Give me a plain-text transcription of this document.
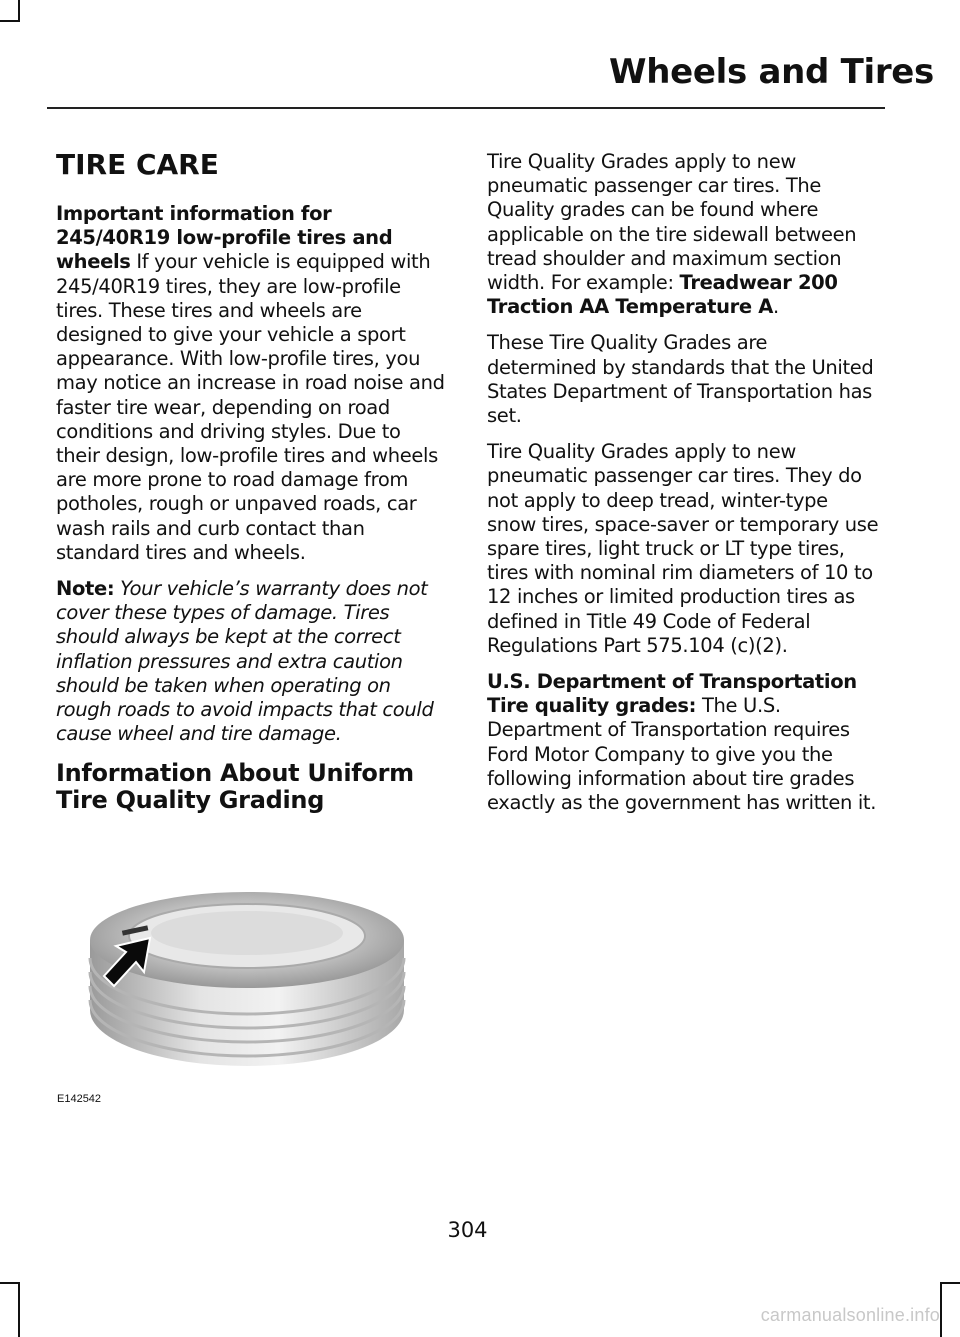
Wheels and Tires
TIRE CARE

Important information for 245/40R19 low-profile tires and wheels If your vehicle is equipped with 245/40R19 tires, they are low-profile tires. These tires and wheels are designed to give your vehicle a sport appearance. With low-profile tires, you may notice an increase in road noise and faster tire wear, depending on road conditions and driving styles. Due to their design, low-profile tires and wheels are more prone to road damage from potholes, rough or unpaved roads, car wash rails and curb contact than standard tires and wheels.

Note: Your vehicle’s warranty does not cover these types of damage. Tires should always be kept at the correct inflation pressures and extra caution should be taken when operating on rough roads to avoid impacts that could cause wheel and tire damage.

Information About Uniform Tire Quality Grading
E142542

Tire Quality Grades apply to new pneumatic passenger car tires. The Quality grades can be found where applicable on the tire sidewall between tread shoulder and maximum section width. For example: Treadwear 200 Traction AA Temperature A.

These Tire Quality Grades are determined by standards that the United States Department of Transportation has set.

Tire Quality Grades apply to new pneumatic passenger car tires. They do not apply to deep tread, winter-type snow tires, space-saver or temporary use spare tires, light truck or LT type tires, tires with nominal rim diameters of 10 to 12 inches or limited production tires as defined in Title 49 Code of Federal Regulations Part 575.104 (c)(2).

U.S. Department of Transportation Tire quality grades: The U.S. Department of Transportation requires Ford Motor Company to give you the following information about tire grades exactly as the government has written it.

304
carmanualsonline.info
